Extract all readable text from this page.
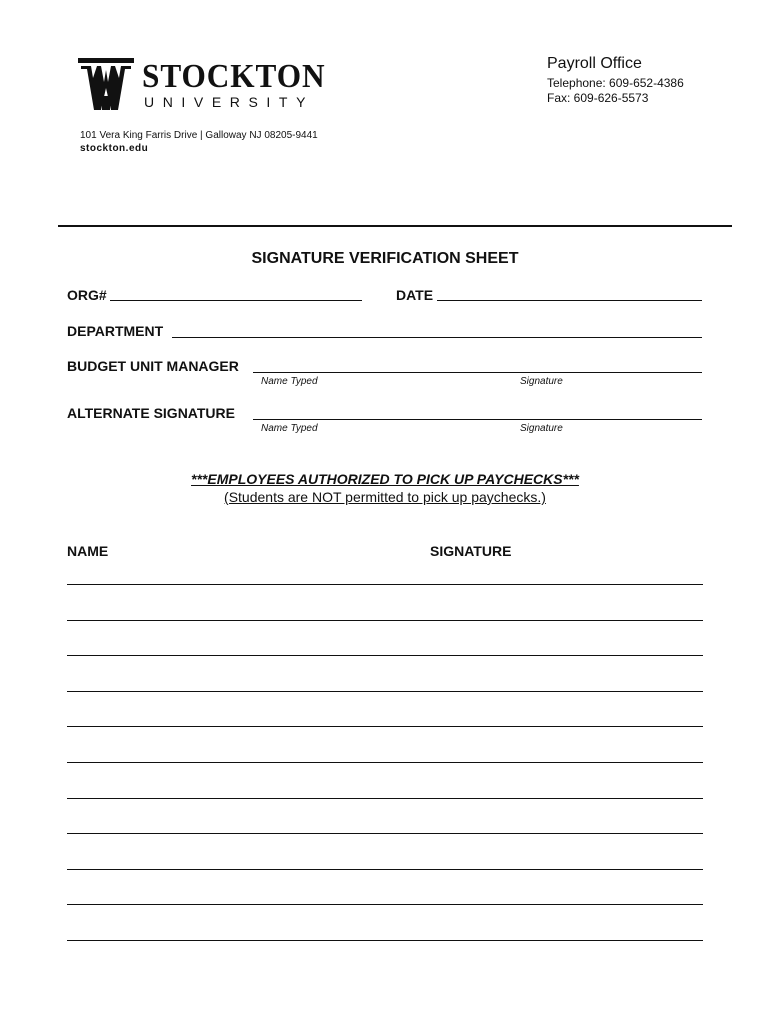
STOCKTON
UNIVERSITY
101 Vera King Farris Drive | Galloway NJ 08205-9441
stockton.edu
Payroll Office
Telephone: 609-652-4386
Fax: 609-626-5573
SIGNATURE VERIFICATION SHEET
ORG#	DATE
DEPARTMENT
BUDGET UNIT MANAGER
Name Typed	Signature
ALTERNATE SIGNATURE
Name Typed	Signature
***EMPLOYEES AUTHORIZED TO PICK UP PAYCHECKS***
(Students are NOT permitted to pick up paychecks.)
NAME	SIGNATURE
